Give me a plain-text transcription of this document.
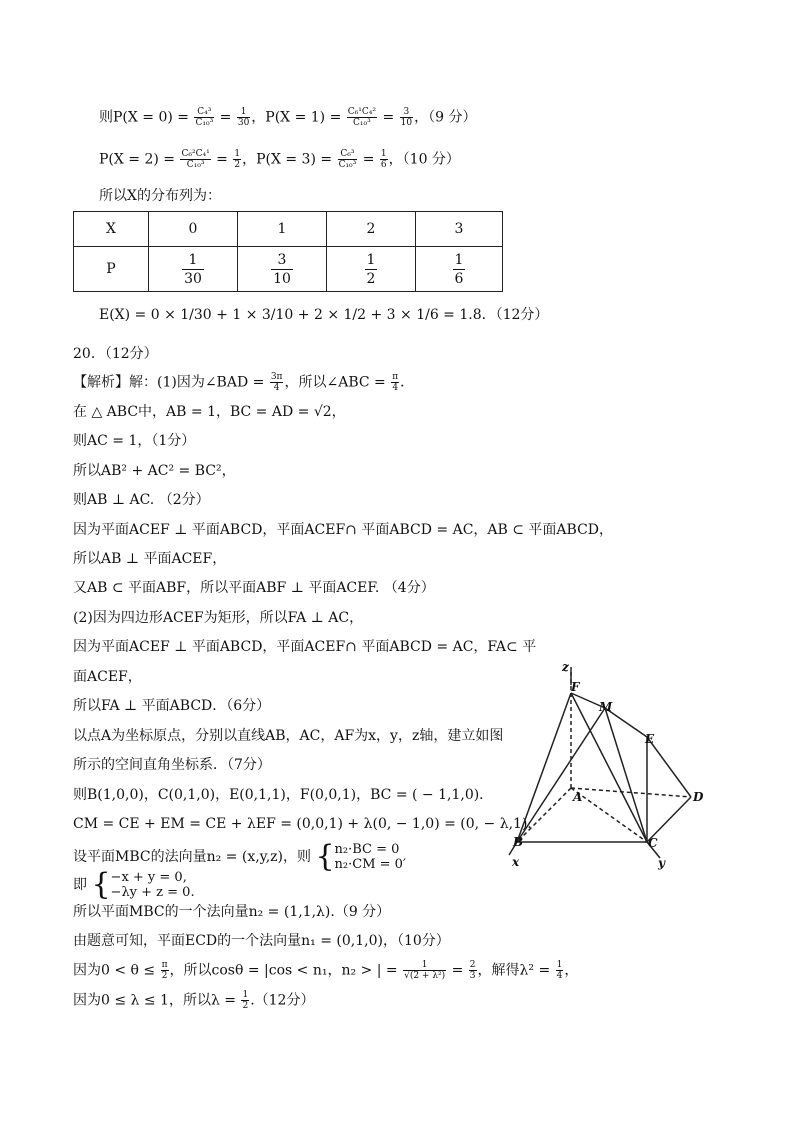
则$P(X = 0) = \frac{\text{C₄³}}{\text{C₁₀³}} = \frac{1}{30}$ ，$P(X = 1) = \frac{\text{C₆¹C₄²}}{\text{C₁₀³}} = \frac{3}{10}$ ，（9 分）
$P(X = 2) = \frac{\text{C₆²C₄¹}}{\text{C₁₀³}} = \frac{1}{2}$ ，$P(X = 3) = \frac{\text{C₆³}}{\text{C₁₀³}} = \frac{1}{6}$ ，（10 分）
所以X的分布列为：
X	0	1	2	3
P	$\frac{1}{30}$	$\frac{3}{10}$	$\frac{1}{2}$	$\frac{1}{6}$
E(X) = 0 × 1/30 + 1 × 3/10 + 2 × 1/2 + 3 × 1/6 = 1.8．（12分）
20．（12分）
【解析】解：(1)因为∠BAD = $\frac{3\pi}{4}$ ，所以∠ABC = $\frac{\pi}{4}$ ．
在 △ ABC中，AB = 1，BC = AD = √2，
则AC = 1，（1分）
所以AB² + AC² = BC²，
则AB ⊥ AC. （2分）
因为平面ACEF ⊥ 平面ABCD，平面ACEF∩ 平面ABCD = AC，AB ⊂ 平面ABCD，
所以AB ⊥ 平面ACEF，
又AB ⊂ 平面ABF，所以平面ABF ⊥ 平面ACEF. （4分）
(2)因为四边形ACEF为矩形，所以FA ⊥ AC，
因为平面ACEF ⊥ 平面ABCD，平面ACEF∩ 平面ABCD = AC，FA⊂ 平
面ACEF，
所以FA ⊥ 平面ABCD．（6分）
以点A为坐标原点，分别以直线AB，AC，AF为x，y，z轴，建立如图
所示的空间直角坐标系．（7分）
则B(1,0,0)，C(0,1,0)，E(0,1,1)，F(0,0,1)，BC = ( − 1,1,0)．
CM = CE + EM = CE + λEF = (0,0,1) + λ(0, − 1,0) = (0, − λ,1)．
设平面MBC的法向量n₂ = (x,y,z)，则 { n₂·BC = 0
n₂·CM = 0′
即 { −x + y = 0,
−λy + z = 0.
所以平面MBC的一个法向量n₂ = (1,1,λ).（9 分）
由题意可知，平面ECD的一个法向量n₁ = (0,1,0)，（10分）
因为$0 < \theta \le \frac{\pi}{2}$ ，所以cosθ = |cos < n₁，n₂ > | = $\frac{1}{\text{√(2 + λ²)}} = \frac{2}{3}$ ，解得$\lambda^2 = \frac{1}{4}$ ，
因为0 ≤ λ ≤ 1，所以$\lambda = \frac{1}{2} .(12$分）
z
F
M
E
A	D
B	C
x	y
